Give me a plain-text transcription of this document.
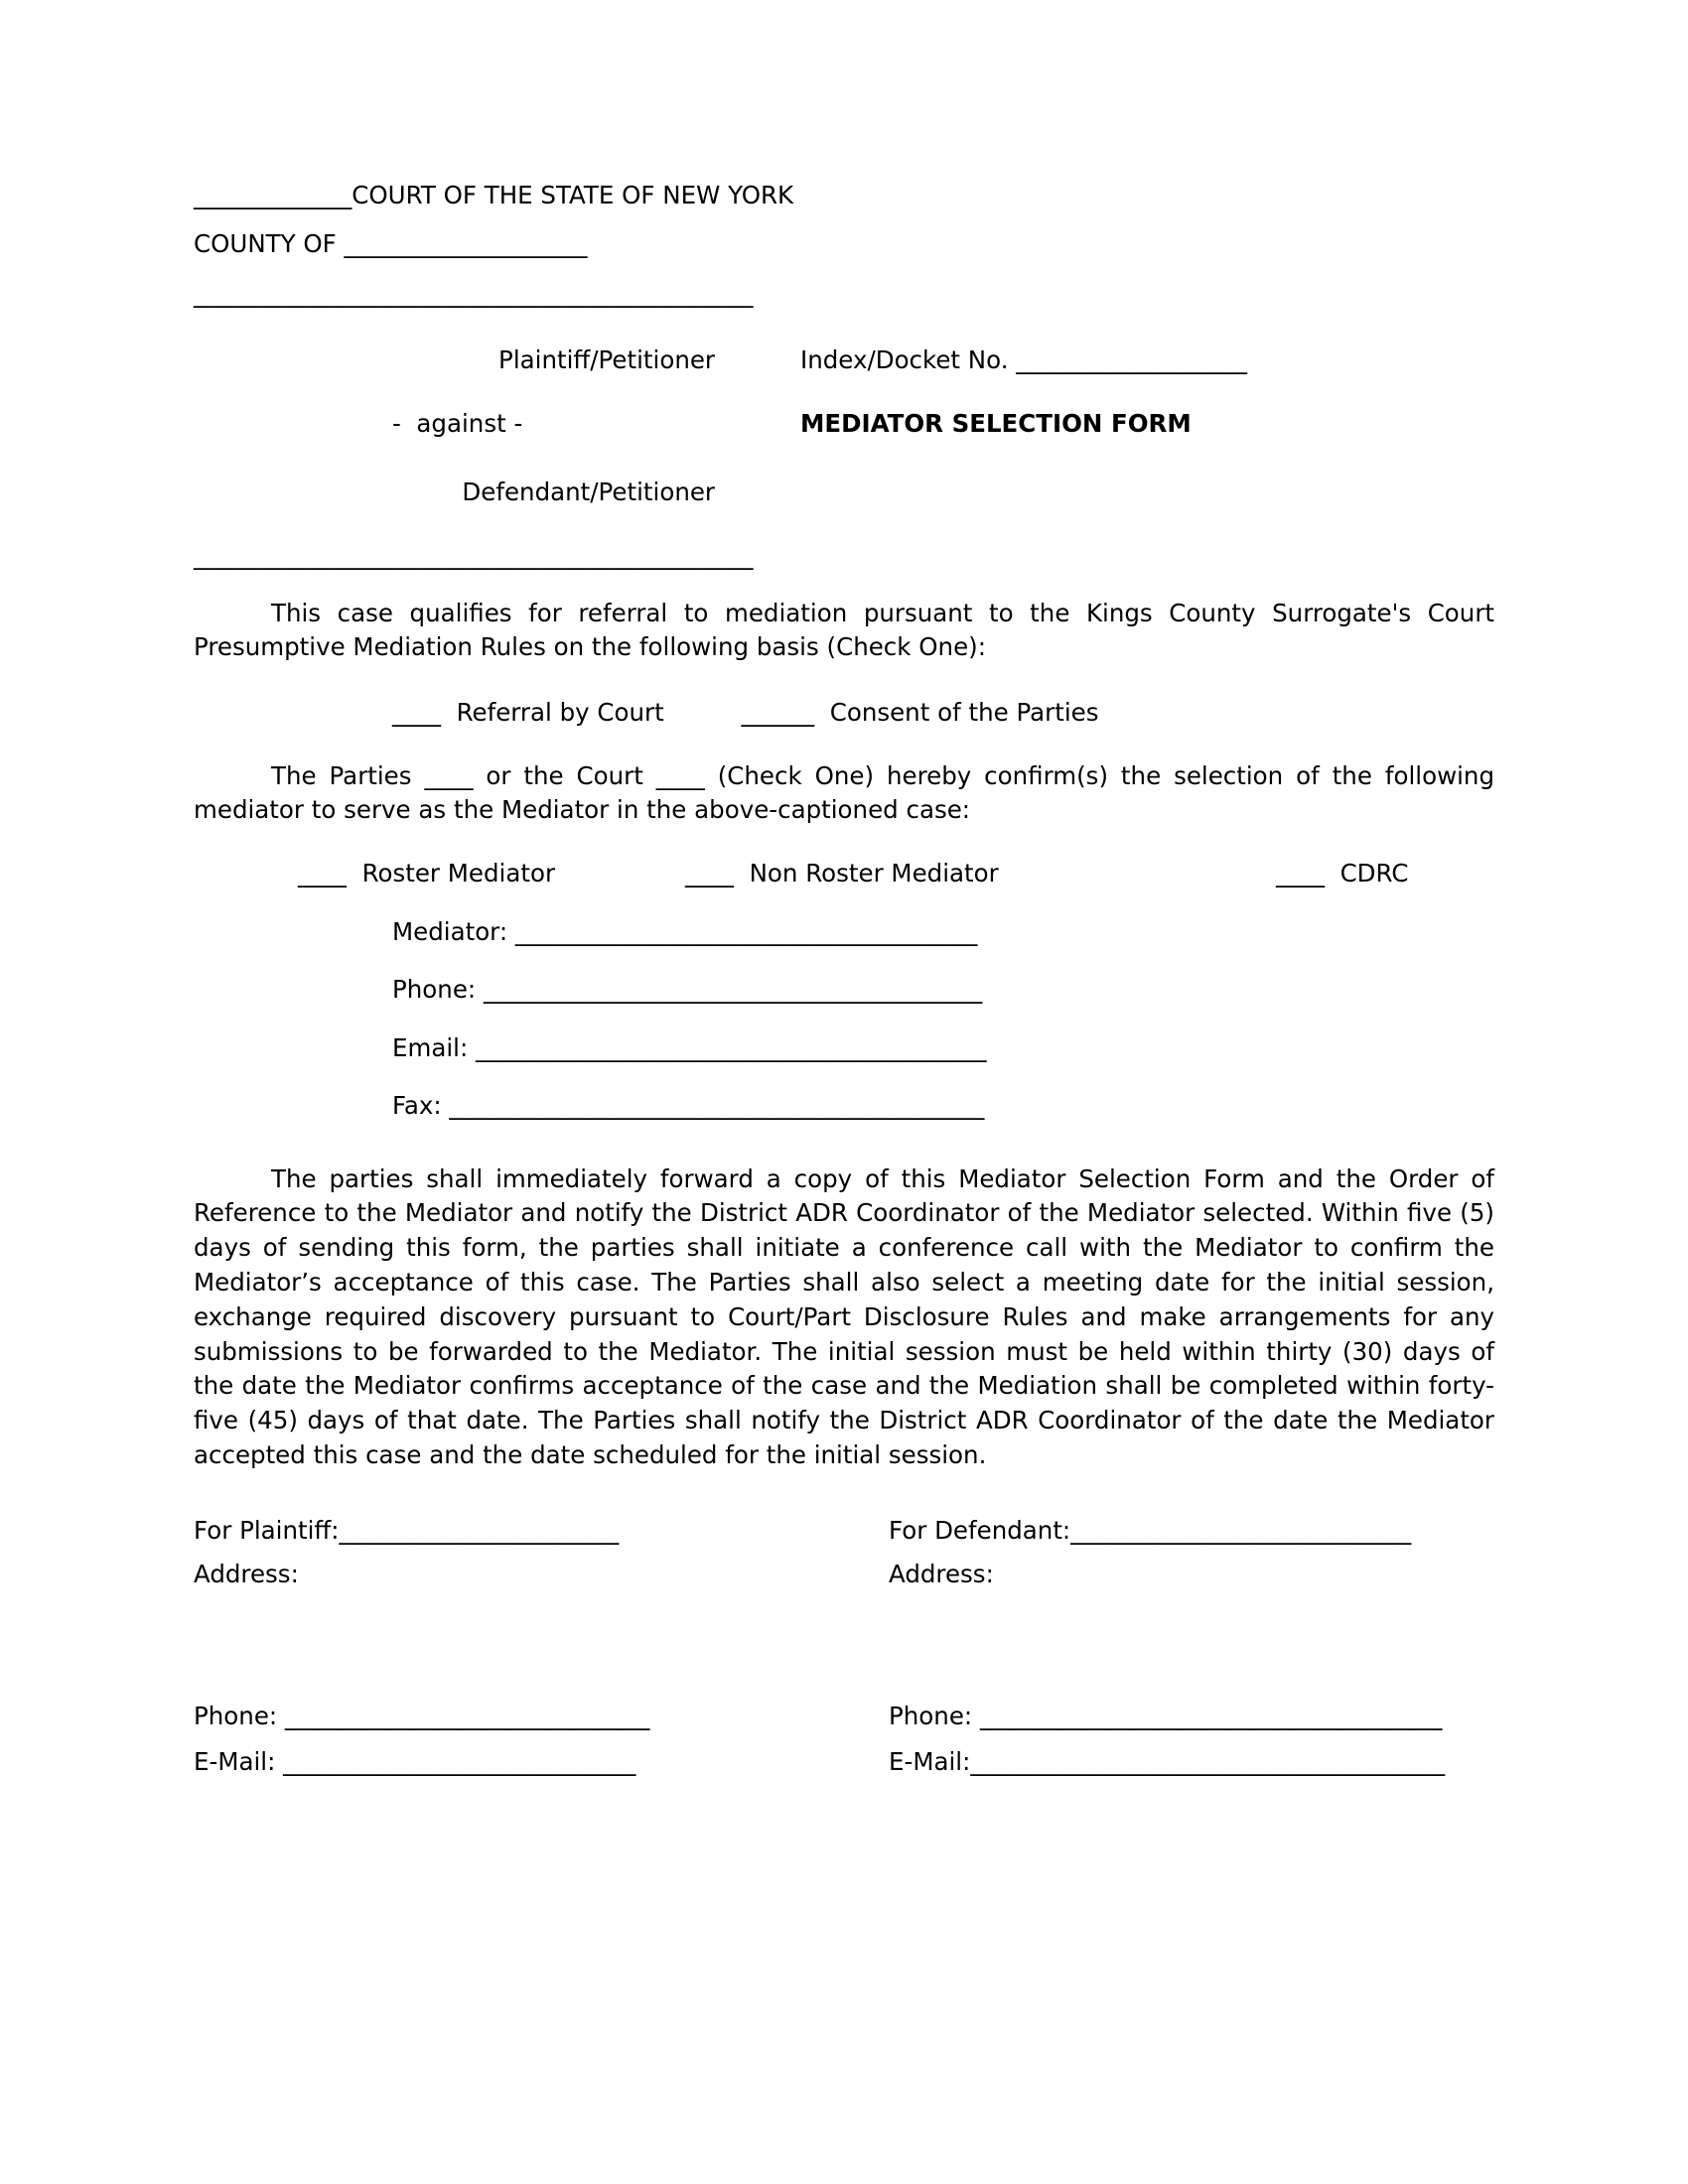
_____________COURT OF THE STATE OF NEW YORK
COUNTY OF ____________________
______________________________________________
Plaintiff/Petitioner	Index/Docket No. ___________________
-  against -	MEDIATOR SELECTION FORM
Defendant/Petitioner
______________________________________________

This case qualifies for referral to mediation pursuant to the Kings County Surrogate's Court Presumptive Mediation Rules on the following basis (Check One):

____  Referral by Court	______  Consent of the Parties

The Parties ____ or the Court ____ (Check One) hereby confirm(s) the selection of the following mediator to serve as the Mediator in the above-captioned case:

____  Roster Mediator	____  Non Roster Mediator	____  CDRC
Mediator: ______________________________________
Phone: _________________________________________
Email: __________________________________________
Fax: ____________________________________________

The parties shall immediately forward a copy of this Mediator Selection Form and the Order of Reference to the Mediator and notify the District ADR Coordinator of the Mediator selected. Within five (5) days of sending this form, the parties shall initiate a conference call with the Mediator to confirm the Mediator’s acceptance of this case. The Parties shall also select a meeting date for the initial session, exchange required discovery pursuant to Court/Part Disclosure Rules and make arrangements for any submissions to be forwarded to the Mediator. The initial session must be held within thirty (30) days of the date the Mediator confirms acceptance of the case and the Mediation shall be completed within forty-five (45) days of that date. The Parties shall notify the District ADR Coordinator of the date the Mediator accepted this case and the date scheduled for the initial session.

For Plaintiff:_______________________	For Defendant:____________________________
Address:	Address:
Phone: ______________________________	Phone: ______________________________________
E-Mail: _____________________________	E-Mail:_______________________________________
